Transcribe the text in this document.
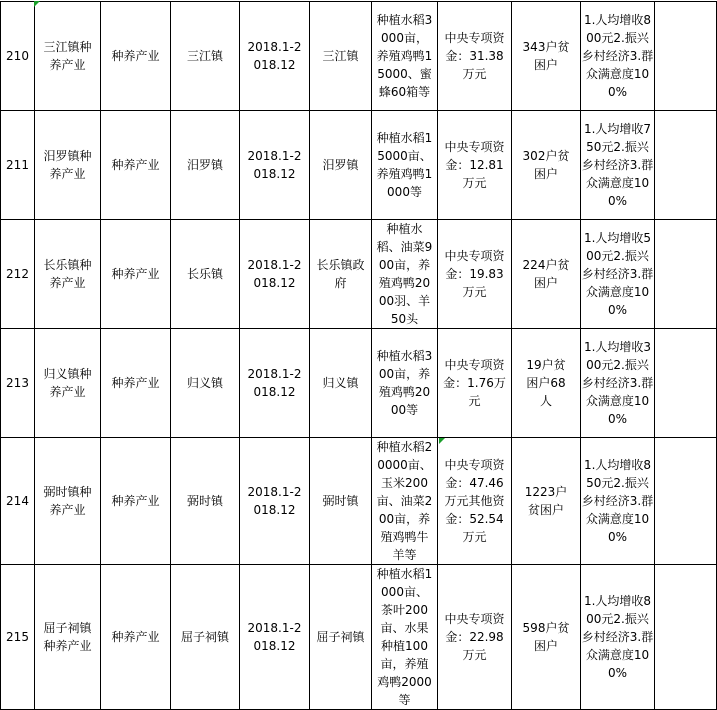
210	三江镇种养产业	种养产业	三江镇	2018.1-2018.12	三江镇	种植水稻3000亩，养殖鸡鸭15000、蜜蜂60箱等	中央专项资金：31.38万元	343户贫困户	1.人均增收800元2.振兴乡村经济3.群众满意度100%	
211	汨罗镇种养产业	种养产业	汨罗镇	2018.1-2018.12	汨罗镇	种植水稻15000亩、养殖鸡鸭1000等	中央专项资金：12.81万元	302户贫困户	1.人均增收750元2.振兴乡村经济3.群众满意度100%	
212	长乐镇种养产业	种养产业	长乐镇	2018.1-2018.12	长乐镇政府	种植水稻、油菜900亩，养殖鸡鸭2000羽、羊50头	中央专项资金：19.83万元	224户贫困户	1.人均增收500元2.振兴乡村经济3.群众满意度100%	
213	归义镇种养产业	种养产业	归义镇	2018.1-2018.12	归义镇	种植水稻300亩，养殖鸡鸭2000等	中央专项资金：1.76万元	19户贫困户68人	1.人均增收300元2.振兴乡村经济3.群众满意度100%	
214	弼时镇种养产业	种养产业	弼时镇	2018.1-2018.12	弼时镇	种植水稻20000亩、玉米200亩、油菜200亩，养殖鸡鸭牛羊等	中央专项资金：47.46万元其他资金：52.54万元	1223户贫困户	1.人均增收850元2.振兴乡村经济3.群众满意度100%	
215	屈子祠镇种养产业	种养产业	屈子祠镇	2018.1-2018.12	屈子祠镇	种植水稻1000亩、茶叶200亩、水果种植100亩，养殖鸡鸭2000等	中央专项资金：22.98万元	598户贫困户	1.人均增收800元2.振兴乡村经济3.群众满意度100%	
